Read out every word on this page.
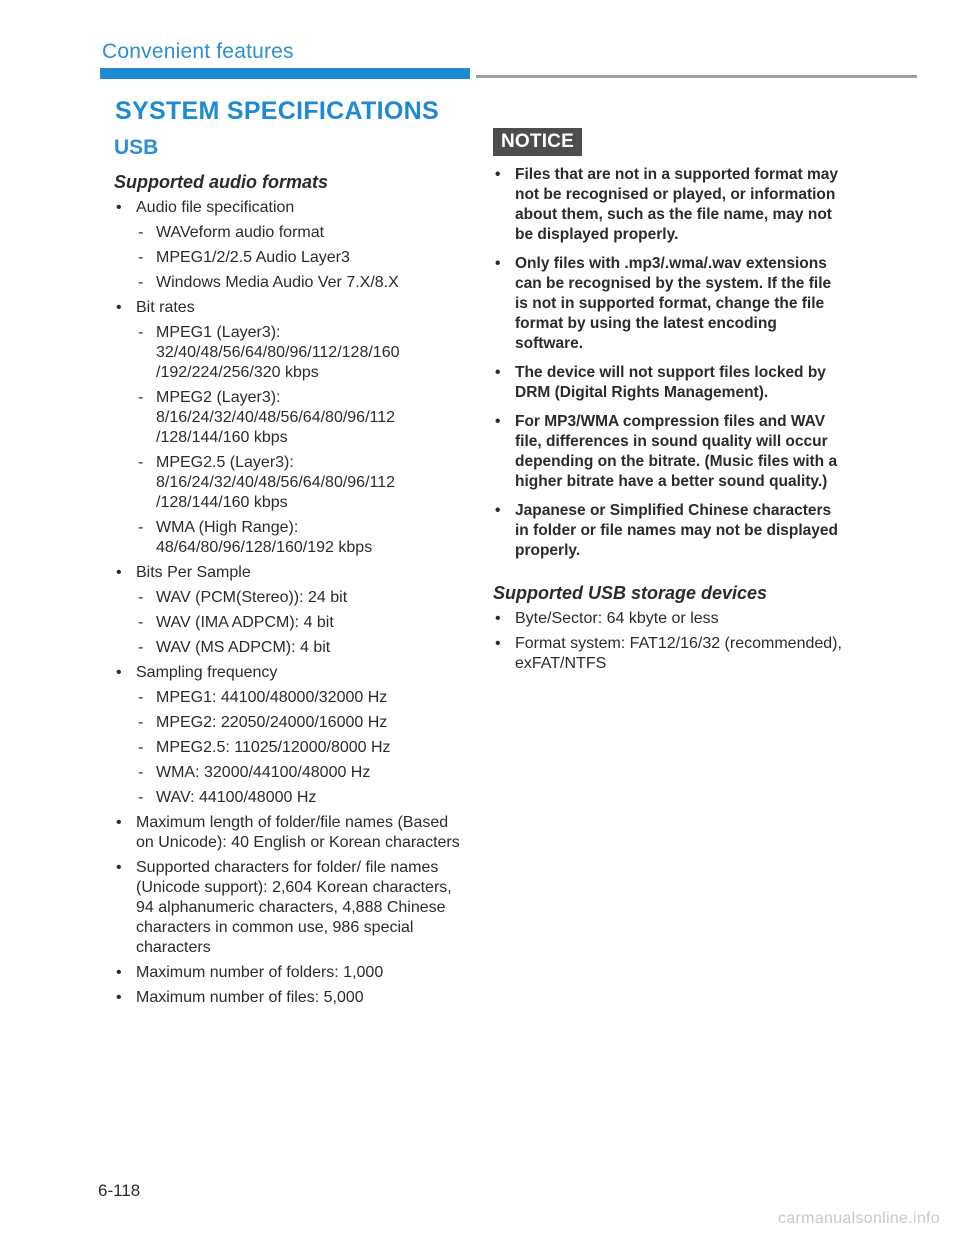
Convenient features
SYSTEM SPECIFICATIONS
USB
Supported audio formats
• Audio file specification
- WAVeform audio format
- MPEG1/2/2.5 Audio Layer3
- Windows Media Audio Ver 7.X/8.X
• Bit rates
- MPEG1 (Layer3): 32/40/48/56/64/80/96/112/128/160 /192/224/256/320 kbps
- MPEG2 (Layer3): 8/16/24/32/40/48/56/64/80/96/112 /128/144/160 kbps
- MPEG2.5 (Layer3): 8/16/24/32/40/48/56/64/80/96/112 /128/144/160 kbps
- WMA (High Range): 48/64/80/96/128/160/192 kbps
• Bits Per Sample
- WAV (PCM(Stereo)): 24 bit
- WAV (IMA ADPCM): 4 bit
- WAV (MS ADPCM): 4 bit
• Sampling frequency
- MPEG1: 44100/48000/32000 Hz
- MPEG2: 22050/24000/16000 Hz
- MPEG2.5: 11025/12000/8000 Hz
- WMA: 32000/44100/48000 Hz
- WAV: 44100/48000 Hz
• Maximum length of folder/file names (Based on Unicode): 40 English or Korean characters
• Supported characters for folder/ file names (Unicode support): 2,604 Korean characters, 94 alphanumeric characters, 4,888 Chinese characters in common use, 986 special characters
• Maximum number of folders: 1,000
• Maximum number of files: 5,000
NOTICE
• Files that are not in a supported format may not be recognised or played, or information about them, such as the file name, may not be displayed properly.
• Only files with .mp3/.wma/.wav extensions can be recognised by the system. If the file is not in supported format, change the file format by using the latest encoding software.
• The device will not support files locked by DRM (Digital Rights Management).
• For MP3/WMA compression files and WAV file, differences in sound quality will occur depending on the bitrate. (Music files with a higher bitrate have a better sound quality.)
• Japanese or Simplified Chinese characters in folder or file names may not be displayed properly.
Supported USB storage devices
• Byte/Sector: 64 kbyte or less
• Format system: FAT12/16/32 (recommended), exFAT/NTFS
6-118
carmanualsonline.info
